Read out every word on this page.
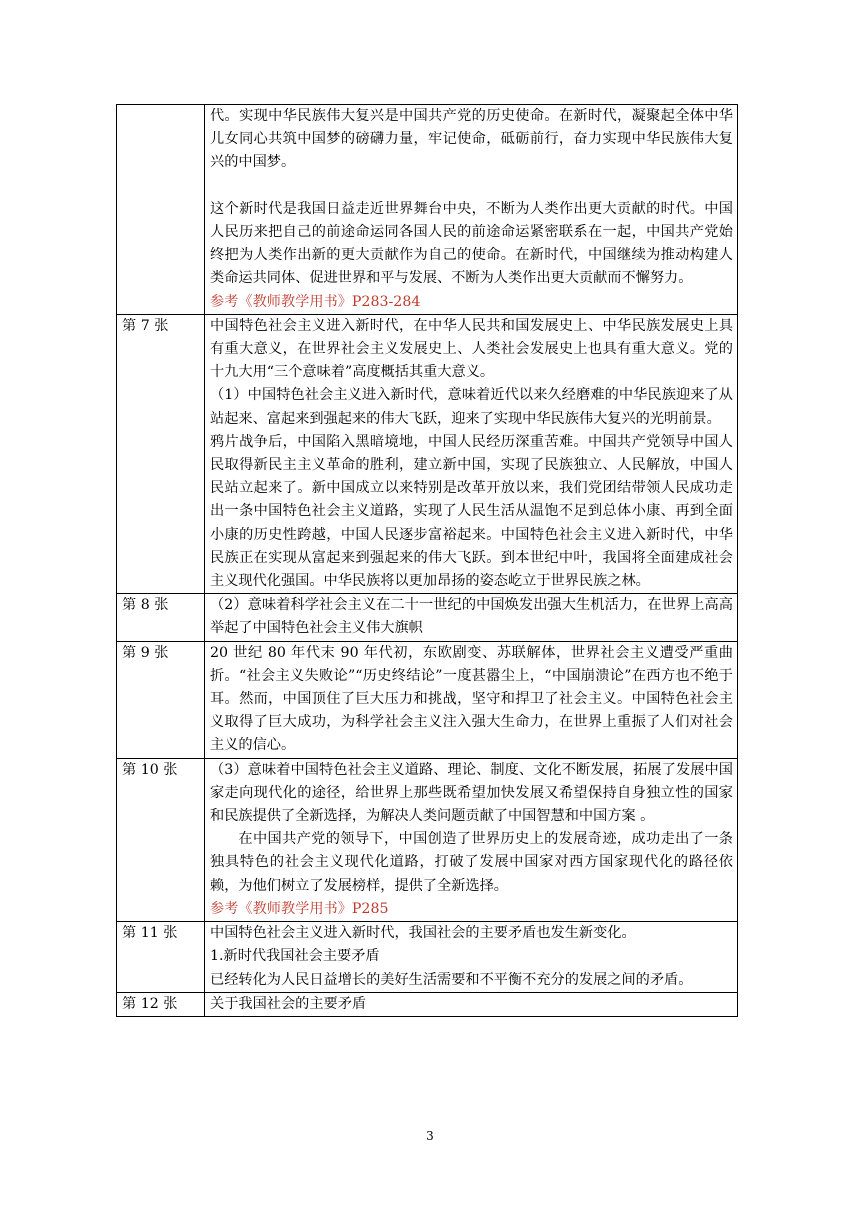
	代。实现中华民族伟大复兴是中国共产党的历史使命。在新时代，凝聚起全体中华儿女同心共筑中国梦的磅礴力量，牢记使命，砥砺前行，奋力实现中华民族伟大复兴的中国梦。

这个新时代是我国日益走近世界舞台中央，不断为人类作出更大贡献的时代。中国人民历来把自己的前途命运同各国人民的前途命运紧密联系在一起，中国共产党始终把为人类作出新的更大贡献作为自己的使命。在新时代，中国继续为推动构建人类命运共同体、促进世界和平与发展、不断为人类作出更大贡献而不懈努力。

参考《教师教学用书》P283-284

第 7 张	中国特色社会主义进入新时代，在中华人民共和国发展史上、中华民族发展史上具有重大意义，在世界社会主义发展史上、人类社会发展史上也具有重大意义。党的十九大用“三个意味着”高度概括其重大意义。

（1）中国特色社会主义进入新时代，意味着近代以来久经磨难的中华民族迎来了从站起来、富起来到强起来的伟大飞跃，迎来了实现中华民族伟大复兴的光明前景。

鸦片战争后，中国陷入黑暗境地，中国人民经历深重苦难。中国共产党领导中国人民取得新民主主义革命的胜利，建立新中国，实现了民族独立、人民解放，中国人民站立起来了。新中国成立以来特别是改革开放以来，我们党团结带领人民成功走出一条中国特色社会主义道路，实现了人民生活从温饱不足到总体小康、再到全面小康的历史性跨越，中国人民逐步富裕起来。中国特色社会主义进入新时代，中华民族正在实现从富起来到强起来的伟大飞跃。到本世纪中叶，我国将全面建成社会主义现代化强国。中华民族将以更加昂扬的姿态屹立于世界民族之林。

第 8 张	（2）意味着科学社会主义在二十一世纪的中国焕发出强大生机活力，在世界上高高举起了中国特色社会主义伟大旗帜

第 9 张	20 世纪 80 年代末 90 年代初，东欧剧变、苏联解体，世界社会主义遭受严重曲折。“社会主义失败论”“历史终结论”一度甚嚣尘上，“中国崩溃论”在西方也不绝于耳。然而，中国顶住了巨大压力和挑战，坚守和捍卫了社会主义。中国特色社会主义取得了巨大成功，为科学社会主义注入强大生命力，在世界上重振了人们对社会主义的信心。

第 10 张	（3）意味着中国特色社会主义道路、理论、制度、文化不断发展，拓展了发展中国家走向现代化的途径，给世界上那些既希望加快发展又希望保持自身独立性的国家和民族提供了全新选择，为解决人类问题贡献了中国智慧和中国方案 。

在中国共产党的领导下，中国创造了世界历史上的发展奇迹，成功走出了一条独具特色的社会主义现代化道路，打破了发展中国家对西方国家现代化的路径依赖，为他们树立了发展榜样，提供了全新选择。

参考《教师教学用书》P285

第 11 张	中国特色社会主义进入新时代，我国社会的主要矛盾也发生新变化。

1.新时代我国社会主要矛盾

已经转化为人民日益增长的美好生活需要和不平衡不充分的发展之间的矛盾。

第 12 张	关于我国社会的主要矛盾

3
